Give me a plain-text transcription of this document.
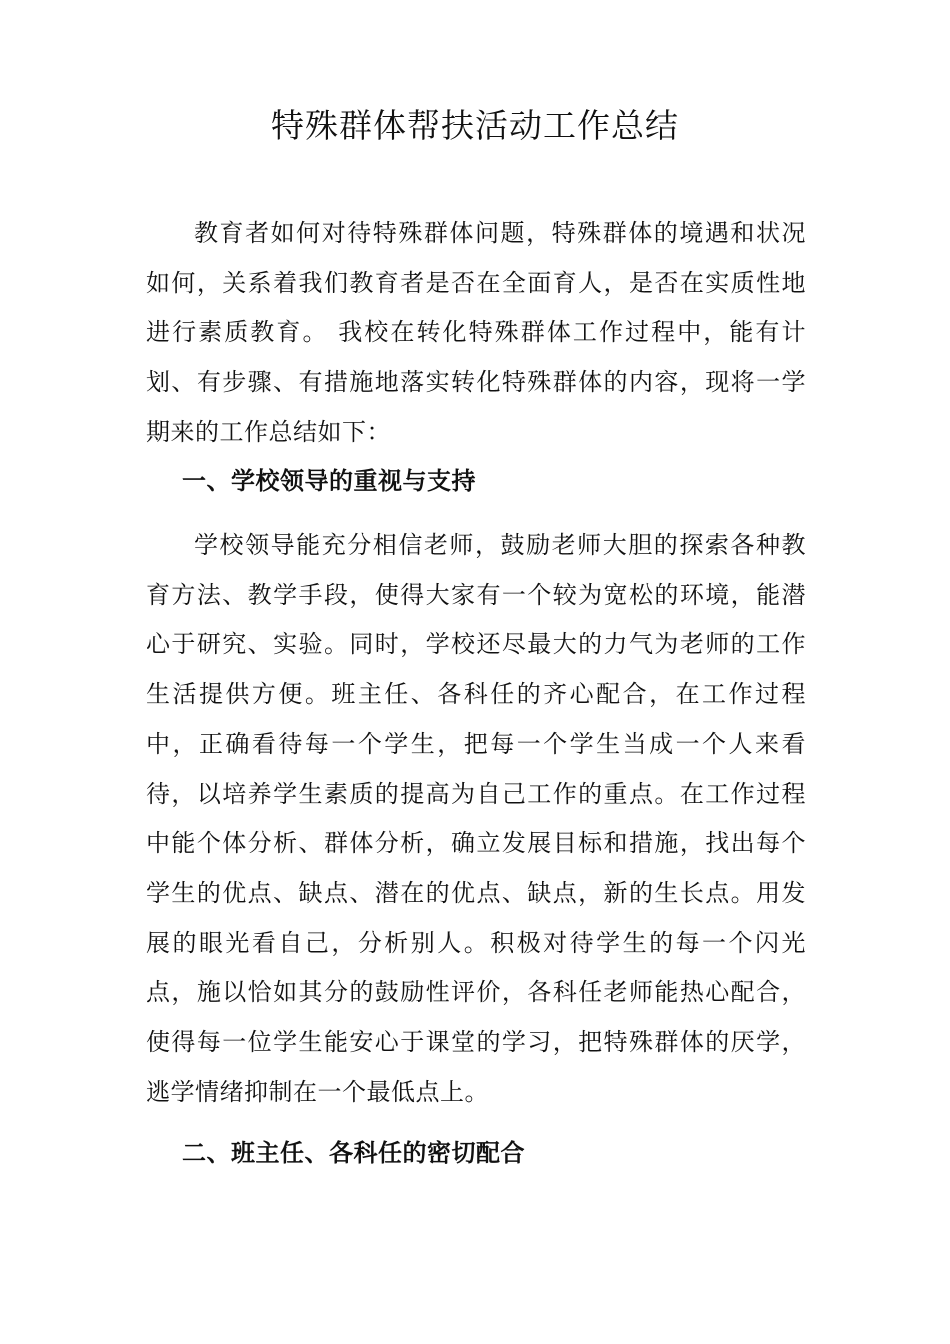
特殊群体帮扶活动工作总结

教育者如何对待特殊群体问题，特殊群体的境遇和状况如何，关系着我们教育者是否在全面育人，是否在实质性地进行素质教育。 我校在转化特殊群体工作过程中，能有计划、有步骤、有措施地落实转化特殊群体的内容，现将一学期来的工作总结如下：

一、学校领导的重视与支持

学校领导能充分相信老师，鼓励老师大胆的探索各种教育方法、教学手段，使得大家有一个较为宽松的环境，能潜心于研究、实验。同时，学校还尽最大的力气为老师的工作生活提供方便。班主任、各科任的齐心配合，在工作过程中，正确看待每一个学生，把每一个学生当成一个人来看待，以培养学生素质的提高为自己工作的重点。在工作过程中能个体分析、群体分析，确立发展目标和措施，找出每个学生的优点、缺点、潜在的优点、缺点，新的生长点。用发展的眼光看自己，分析别人。积极对待学生的每一个闪光点，施以恰如其分的鼓励性评价，各科任老师能热心配合，使得每一位学生能安心于课堂的学习，把特殊群体的厌学，逃学情绪抑制在一个最低点上。

二、班主任、各科任的密切配合
